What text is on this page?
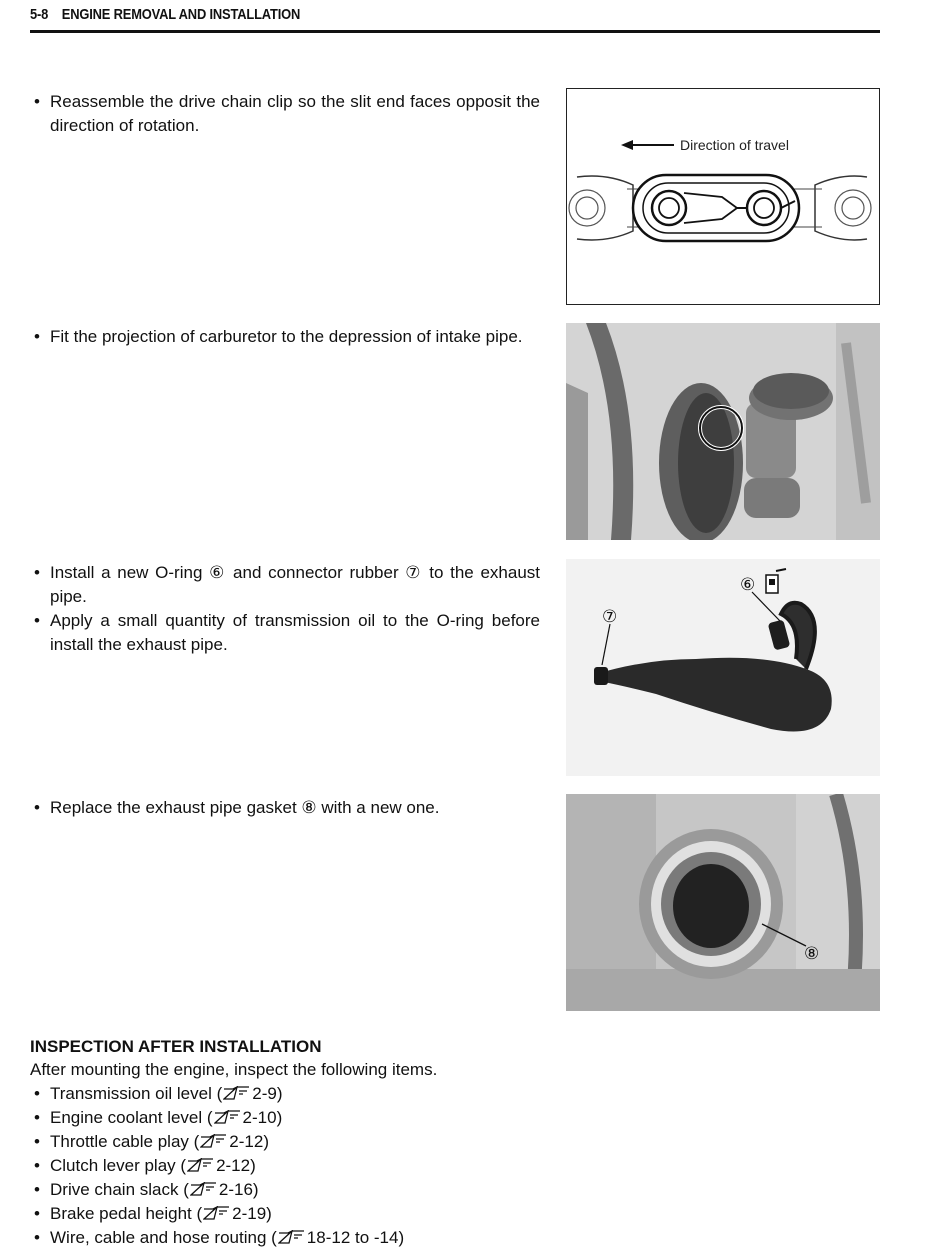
5-8    ENGINE REMOVAL AND INSTALLATION
• Reassemble the drive chain clip so the slit end faces opposit the direction of rotation.
Direction of travel
• Fit the projection of carburetor to the depression of intake pipe.
• Install a new O-ring ⑥ and connector rubber ⑦ to the exhaust pipe.
• Apply a small quantity of transmission oil to the O-ring before install the exhaust pipe.
⑦
⑥
• Replace the exhaust pipe gasket ⑧ with a new one.
⑧
INSPECTION AFTER INSTALLATION
After mounting the engine, inspect the following items.
• Transmission oil level ( 2-9)
• Engine coolant level ( 2-10)
• Throttle cable play ( 2-12)
• Clutch lever play ( 2-12)
• Drive chain slack ( 2-16)
• Brake pedal height ( 2-19)
• Wire, cable and hose routing ( 18-12 to -14)
